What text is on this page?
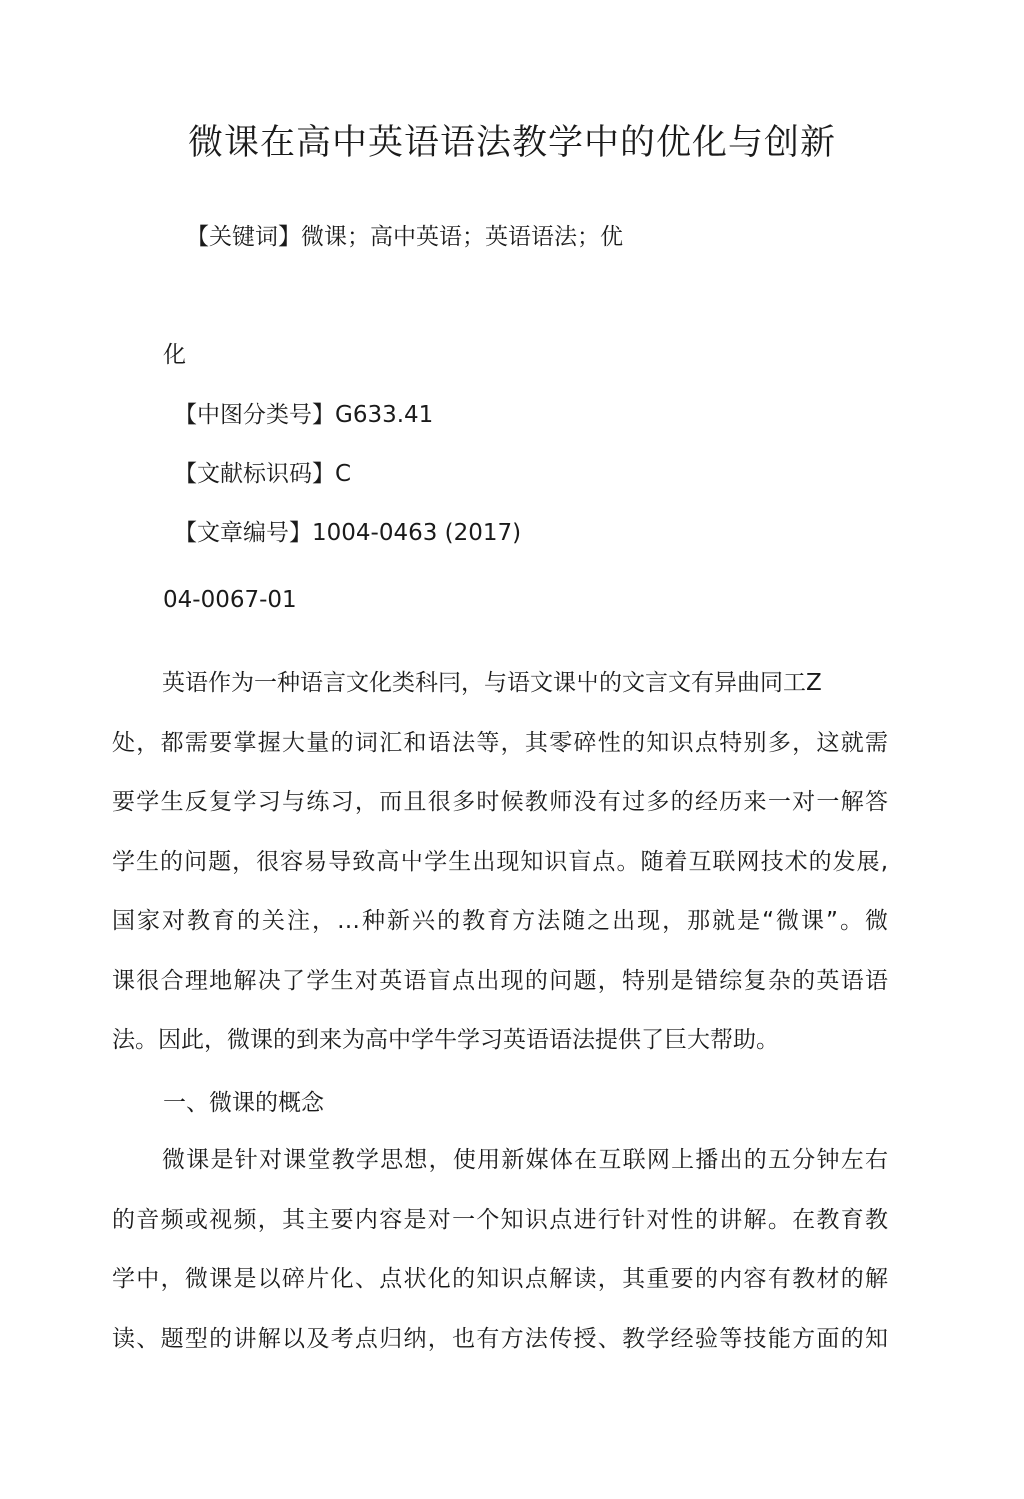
微课在高中英语语法教学中的优化与创新
【关键词】微课；高中英语；英语语法；优
化
【中图分类号】G633.41
【文献标识码】C
【文章编号】1004-0463 (2017)
04-0067-01
英语作为一种语言文化类科冃，与语文课屮的文言文有异曲同工Z
处，都需要掌握大量的词汇和语法等，其零碎性的知识点特别多，这就需
要学生反复学习与练习，而且很多时候教师没有过多的经历来一对一解答
学生的问题，很容易导致高屮学生出现知识盲点。随着互联网技术的发展,
国家对教育的关注，…种新兴的教育方法随之出现，那就是“微课”。微
课很合理地解决了学生对英语盲点出现的问题，特别是错综复杂的英语语
法。因此，微课的到来为高中学牛学习英语语法提供了巨大帮助。
一、微课的概念
微课是针对课堂教学思想，使用新媒体在互联网上播出的五分钟左右
的音频或视频，其主要内容是对一个知识点进行针对性的讲解。在教育教
学中，微课是以碎片化、点状化的知识点解读，其重要的内容有教材的解
读、题型的讲解以及考点归纳，也有方法传授、教学经验等技能方面的知
